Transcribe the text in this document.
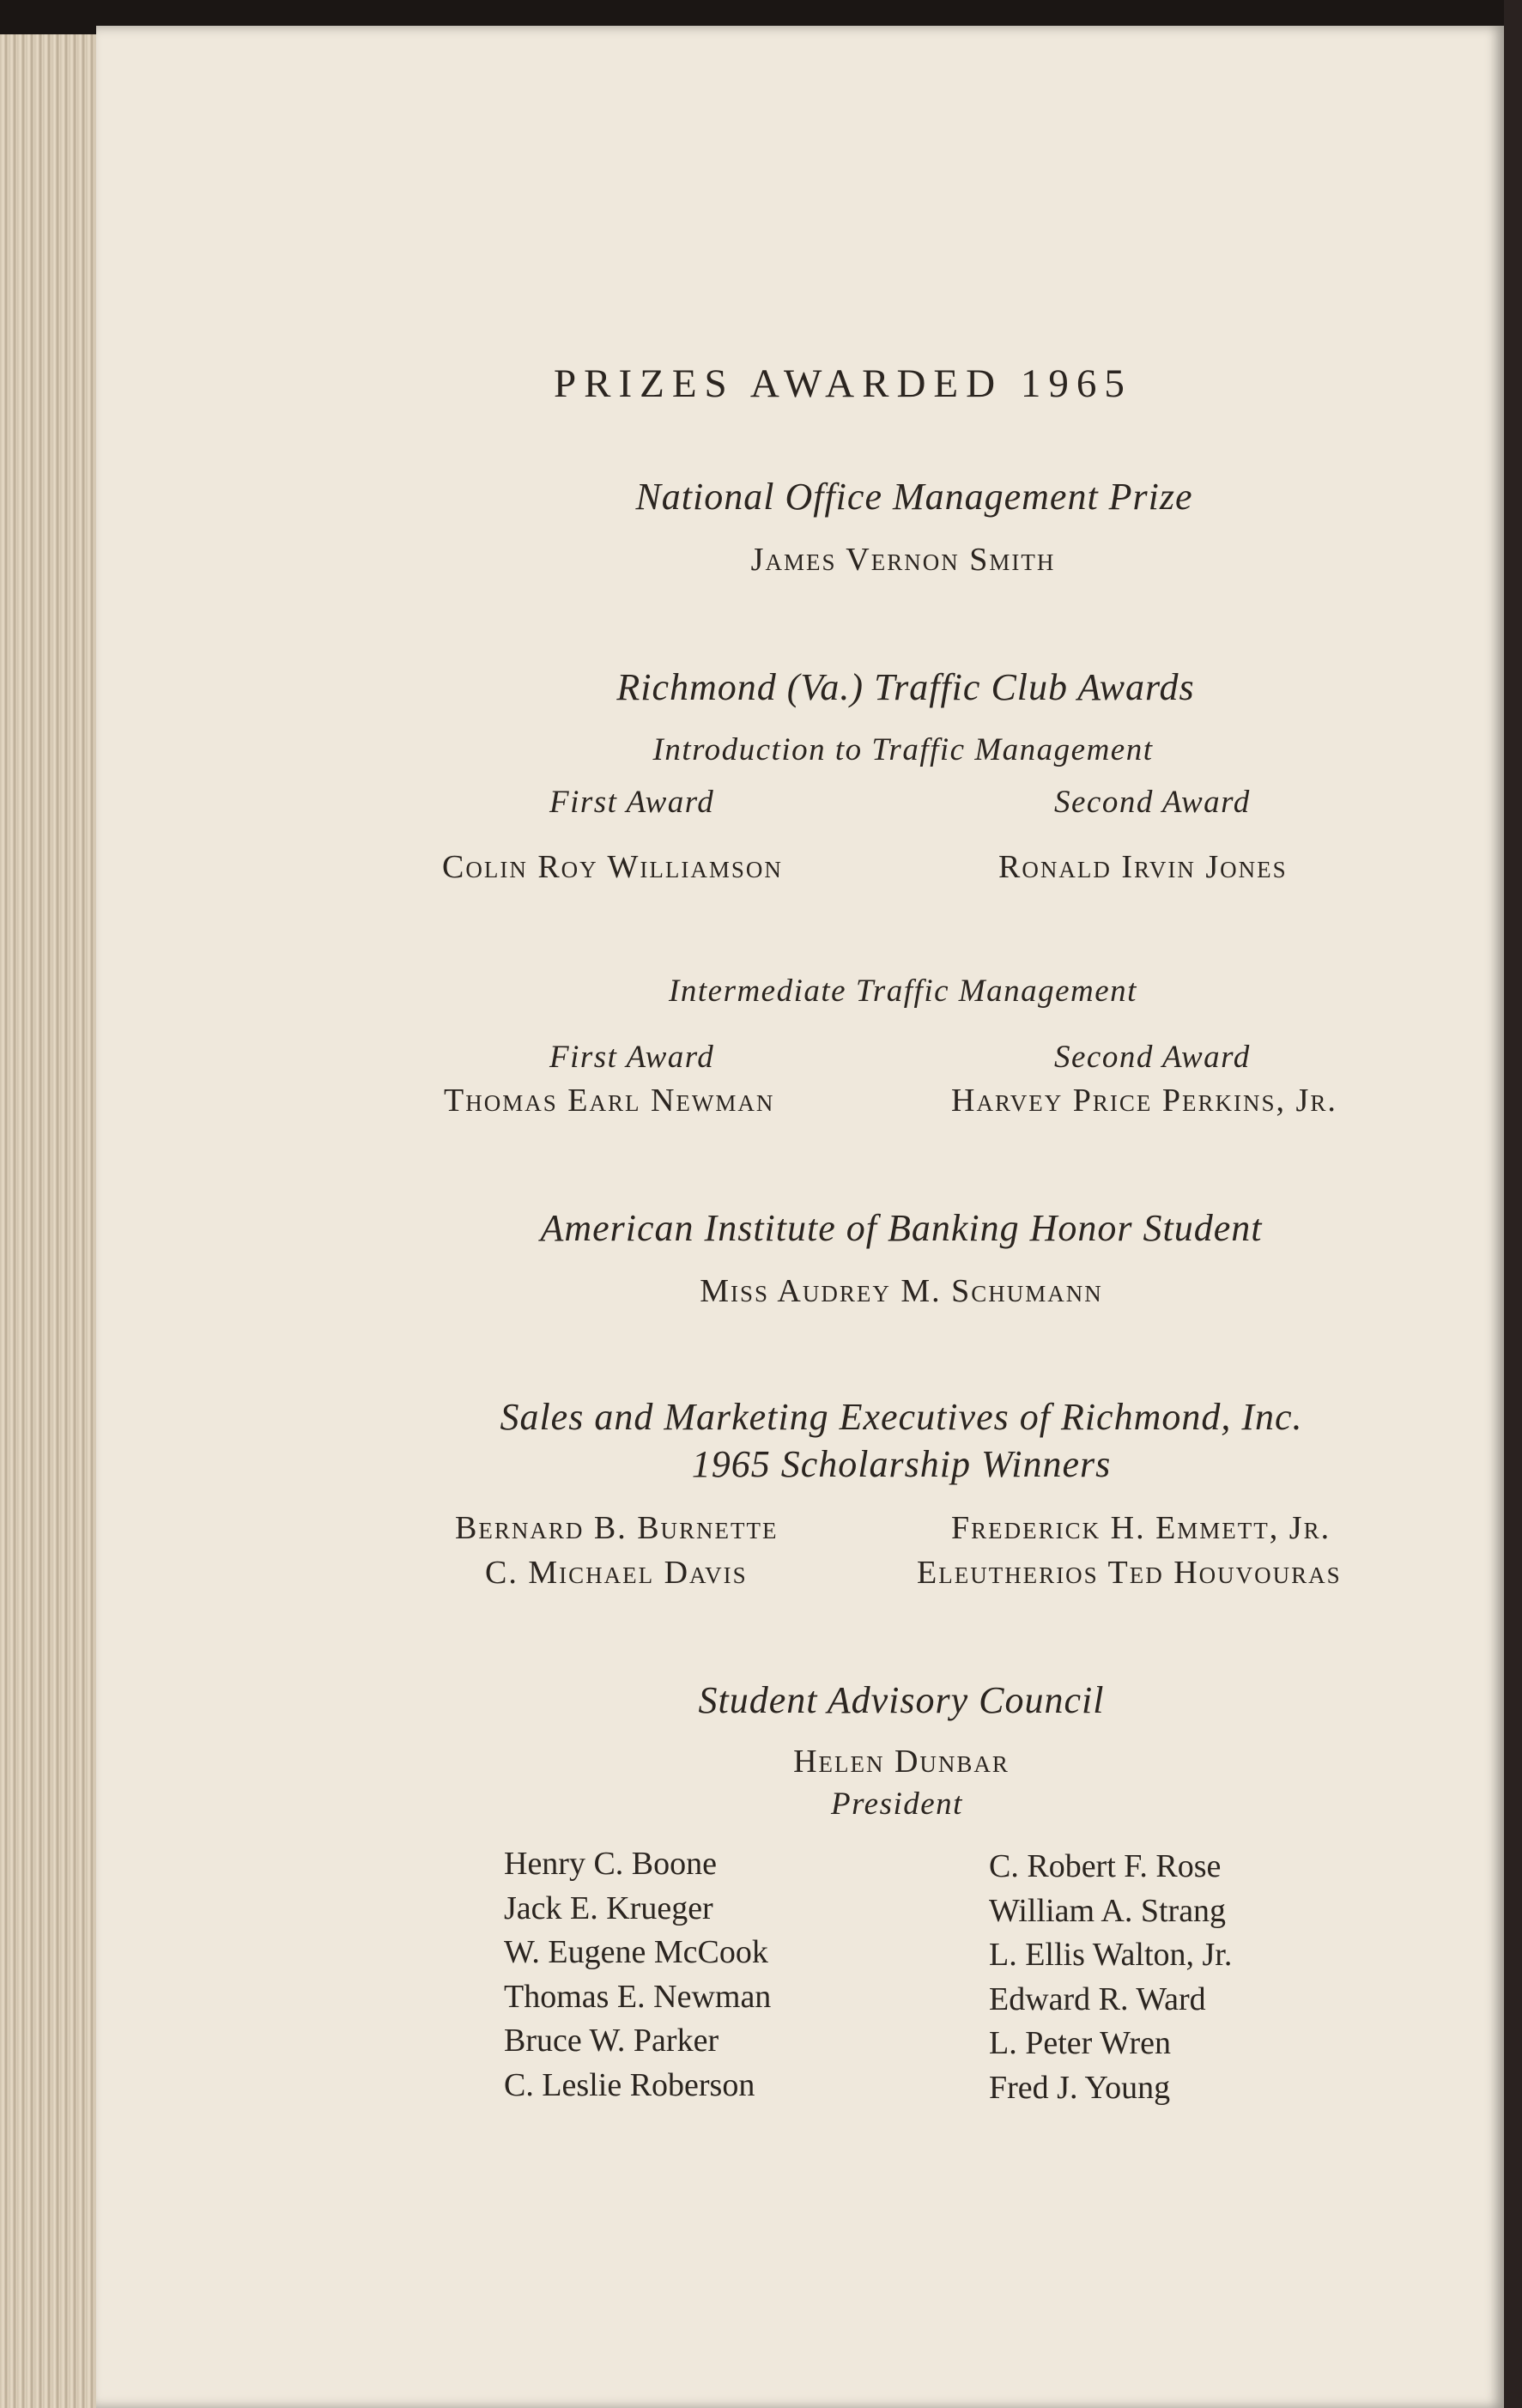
PRIZES AWARDED 1965
National Office Management Prize
James Vernon Smith
Richmond (Va.) Traffic Club Awards
Introduction to Traffic Management
First Award	Second Award
Colin Roy Williamson	Ronald Irvin Jones
Intermediate Traffic Management
First Award	Second Award
Thomas Earl Newman	Harvey Price Perkins, Jr.
American Institute of Banking Honor Student
Miss Audrey M. Schumann
Sales and Marketing Executives of Richmond, Inc.
1965 Scholarship Winners
Bernard B. Burnette	Frederick H. Emmett, Jr.
C. Michael Davis	Eleutherios Ted Houvouras
Student Advisory Council
Helen Dunbar
President
Henry C. Boone
Jack E. Krueger
W. Eugene McCook
Thomas E. Newman
Bruce W. Parker
C. Leslie Roberson
C. Robert F. Rose
William A. Strang
L. Ellis Walton, Jr.
Edward R. Ward
L. Peter Wren
Fred J. Young
